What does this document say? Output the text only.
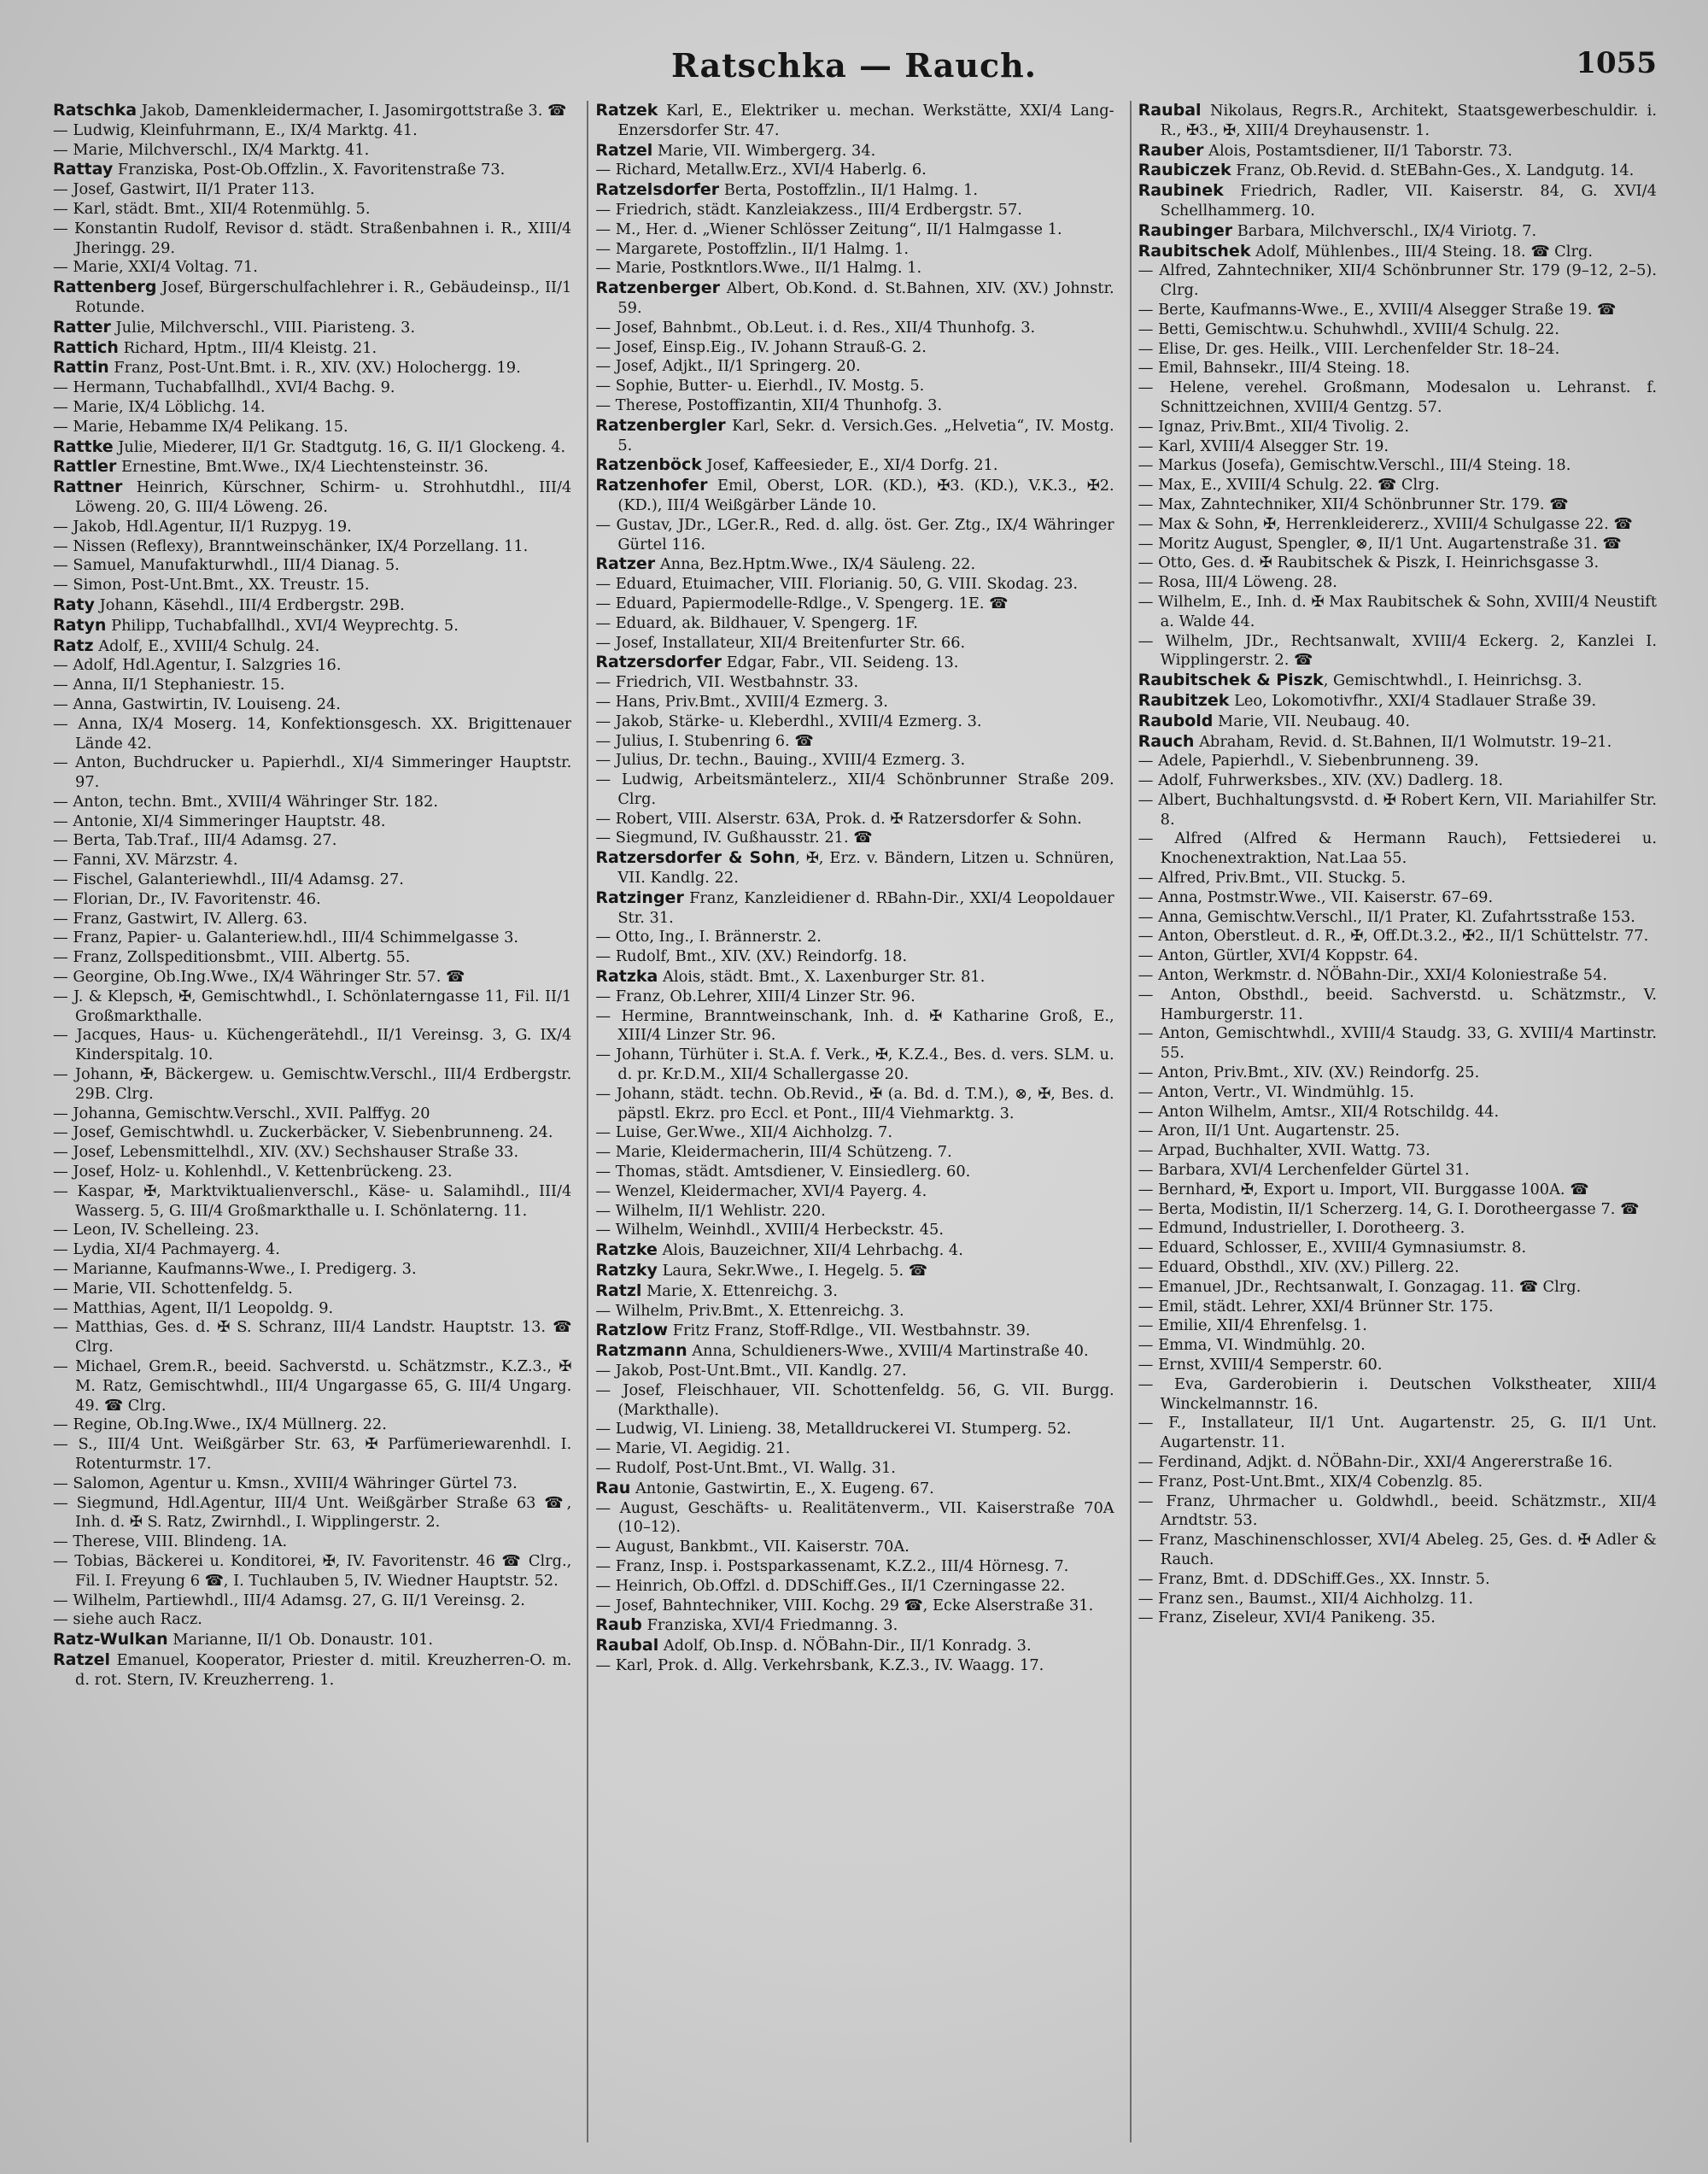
Ratschka — Rauch.	1055
Ratschka Jakob, Damenkleidermacher, I. Jasomirgottstraße 3. ☎
— Ludwig, Kleinfuhrmann, E., IX/4 Marktg. 41.
— Marie, Milchverschl., IX/4 Marktg. 41.
Rattay Franziska, Post-Ob.Offzlin., X. Favoritenstraße 73.
— Josef, Gastwirt, II/1 Prater 113.
— Karl, städt. Bmt., XII/4 Rotenmühlg. 5.
— Konstantin Rudolf, Revisor d. städt. Straßenbahnen i. R., XIII/4 Jheringg. 29.
— Marie, XXI/4 Voltag. 71.
Rattenberg Josef, Bürgerschulfachlehrer i. R., Gebäudeinsp., II/1 Rotunde.
Ratter Julie, Milchverschl., VIII. Piaristeng. 3.
Rattich Richard, Hptm., III/4 Kleistg. 21.
Rattin Franz, Post-Unt.Bmt. i. R., XIV. (XV.) Holochergg. 19.
— Hermann, Tuchabfallhdl., XVI/4 Bachg. 9.
— Marie, IX/4 Löblichg. 14.
— Marie, Hebamme IX/4 Pelikang. 15.
Rattke Julie, Miederer, II/1 Gr. Stadtgutg. 16, G. II/1 Glockeng. 4.
Rattler Ernestine, Bmt.Wwe., IX/4 Liechtensteinstr. 36.
Rattner Heinrich, Kürschner, Schirm- u. Strohhutdhl., III/4 Löweng. 20, G. III/4 Löweng. 26.
— Jakob, Hdl.Agentur, II/1 Ruzpyg. 19.
— Nissen (Reflexy), Branntweinschänker, IX/4 Porzellang. 11.
— Samuel, Manufakturwhdl., III/4 Dianag. 5.
— Simon, Post-Unt.Bmt., XX. Treustr. 15.
Raty Johann, Käsehdl., III/4 Erdbergstr. 29B.
Ratyn Philipp, Tuchabfallhdl., XVI/4 Weyprechtg. 5.
Ratz Adolf, E., XVIII/4 Schulg. 24.
— Adolf, Hdl.Agentur, I. Salzgries 16.
— Anna, II/1 Stephaniestr. 15.
— Anna, Gastwirtin, IV. Louiseng. 24.
— Anna, IX/4 Moserg. 14, Konfektionsgesch. XX. Brigittenauer Lände 42.
— Anton, Buchdrucker u. Papierhdl., XI/4 Simmeringer Hauptstr. 97.
— Anton, techn. Bmt., XVIII/4 Währinger Str. 182.
— Antonie, XI/4 Simmeringer Hauptstr. 48.
— Berta, Tab.Traf., III/4 Adamsg. 27.
— Fanni, XV. Märzstr. 4.
— Fischel, Galanteriewhdl., III/4 Adamsg. 27.
— Florian, Dr., IV. Favoritenstr. 46.
— Franz, Gastwirt, IV. Allerg. 63.
— Franz, Papier- u. Galanteriew.hdl., III/4 Schimmelgasse 3.
— Franz, Zollspeditionsbmt., VIII. Albertg. 55.
— Georgine, Ob.Ing.Wwe., IX/4 Währinger Str. 57. ☎
— J. & Klepsch, ✠, Gemischtwhdl., I. Schönlaterngasse 11, Fil. II/1 Großmarkthalle.
— Jacques, Haus- u. Küchengerätehdl., II/1 Vereinsg. 3, G. IX/4 Kinderspitalg. 10.
— Johann, ✠, Bäckergew. u. Gemischtw.Verschl., III/4 Erdbergstr. 29B. Clrg.
— Johanna, Gemischtw.Verschl., XVII. Palffyg. 20
— Josef, Gemischtwhdl. u. Zuckerbäcker, V. Siebenbrunneng. 24.
— Josef, Lebensmittelhdl., XIV. (XV.) Sechshauser Straße 33.
— Josef, Holz- u. Kohlenhdl., V. Kettenbrückeng. 23.
— Kaspar, ✠, Marktviktualienverschl., Käse- u. Salamihdl., III/4 Wasserg. 5, G. III/4 Großmarkthalle u. I. Schönlaterng. 11.
— Leon, IV. Schelleing. 23.
— Lydia, XI/4 Pachmayerg. 4.
— Marianne, Kaufmanns-Wwe., I. Predigerg. 3.
— Marie, VII. Schottenfeldg. 5.
— Matthias, Agent, II/1 Leopoldg. 9.
— Matthias, Ges. d. ✠ S. Schranz, III/4 Landstr. Hauptstr. 13. ☎ Clrg.
— Michael, Grem.R., beeid. Sachverstd. u. Schätzmstr., K.Z.3., ✠ M. Ratz, Gemischtwhdl., III/4 Ungargasse 65, G. III/4 Ungarg. 49. ☎ Clrg.
— Regine, Ob.Ing.Wwe., IX/4 Müllnerg. 22.
— S., III/4 Unt. Weißgärber Str. 63, ✠ Parfümeriewarenhdl. I. Rotenturmstr. 17.
— Salomon, Agentur u. Kmsn., XVIII/4 Währinger Gürtel 73.
— Siegmund, Hdl.Agentur, III/4 Unt. Weißgärber Straße 63 ☎, Inh. d. ✠ S. Ratz, Zwirnhdl., I. Wipplingerstr. 2.
— Therese, VIII. Blindeng. 1A.
— Tobias, Bäckerei u. Konditorei, ✠, IV. Favoritenstr. 46 ☎ Clrg., Fil. I. Freyung 6 ☎, I. Tuchlauben 5, IV. Wiedner Hauptstr. 52.
— Wilhelm, Partiewhdl., III/4 Adamsg. 27, G. II/1 Vereinsg. 2.
— siehe auch Racz.
Ratz-Wulkan Marianne, II/1 Ob. Donaustr. 101.
Ratzel Emanuel, Kooperator, Priester d. mitil. Kreuzherren-O. m. d. rot. Stern, IV. Kreuzherreng. 1.
Ratzek Karl, E., Elektriker u. mechan. Werkstätte, XXI/4 Lang-Enzersdorfer Str. 47.
Ratzel Marie, VII. Wimbergerg. 34.
— Richard, Metallw.Erz., XVI/4 Haberlg. 6.
Ratzelsdorfer Berta, Postoffzlin., II/1 Halmg. 1.
— Friedrich, städt. Kanzleiakzess., III/4 Erdbergstr. 57.
— M., Her. d. „Wiener Schlösser Zeitung“, II/1 Halmgasse 1.
— Margarete, Postoffzlin., II/1 Halmg. 1.
— Marie, Postkntlors.Wwe., II/1 Halmg. 1.
Ratzenberger Albert, Ob.Kond. d. St.Bahnen, XIV. (XV.) Johnstr. 59.
— Josef, Bahnbmt., Ob.Leut. i. d. Res., XII/4 Thunhofg. 3.
— Josef, Einsp.Eig., IV. Johann Strauß-G. 2.
— Josef, Adjkt., II/1 Springerg. 20.
— Sophie, Butter- u. Eierhdl., IV. Mostg. 5.
— Therese, Postoffizantin, XII/4 Thunhofg. 3.
Ratzenbergler Karl, Sekr. d. Versich.Ges. „Helvetia“, IV. Mostg. 5.
Ratzenböck Josef, Kaffeesieder, E., XI/4 Dorfg. 21.
Ratzenhofer Emil, Oberst, LOR. (KD.), ✠3. (KD.), V.K.3., ✠2. (KD.), III/4 Weißgärber Lände 10.
— Gustav, JDr., LGer.R., Red. d. allg. öst. Ger. Ztg., IX/4 Währinger Gürtel 116.
Ratzer Anna, Bez.Hptm.Wwe., IX/4 Säuleng. 22.
— Eduard, Etuimacher, VIII. Florianig. 50, G. VIII. Skodag. 23.
— Eduard, Papiermodelle-Rdlge., V. Spengerg. 1E. ☎
— Eduard, ak. Bildhauer, V. Spengerg. 1F.
— Josef, Installateur, XII/4 Breitenfurter Str. 66.
Ratzersdorfer Edgar, Fabr., VII. Seideng. 13.
— Friedrich, VII. Westbahnstr. 33.
— Hans, Priv.Bmt., XVIII/4 Ezmerg. 3.
— Jakob, Stärke- u. Kleberdhl., XVIII/4 Ezmerg. 3.
— Julius, I. Stubenring 6. ☎
— Julius, Dr. techn., Bauing., XVIII/4 Ezmerg. 3.
— Ludwig, Arbeitsmäntelerz., XII/4 Schönbrunner Straße 209. Clrg.
— Robert, VIII. Alserstr. 63A, Prok. d. ✠ Ratzersdorfer & Sohn.
— Siegmund, IV. Gußhausstr. 21. ☎
Ratzersdorfer & Sohn, ✠, Erz. v. Bändern, Litzen u. Schnüren, VII. Kandlg. 22.
Ratzinger Franz, Kanzleidiener d. RBahn-Dir., XXI/4 Leopoldauer Str. 31.
— Otto, Ing., I. Brännerstr. 2.
— Rudolf, Bmt., XIV. (XV.) Reindorfg. 18.
Ratzka Alois, städt. Bmt., X. Laxenburger Str. 81.
— Franz, Ob.Lehrer, XIII/4 Linzer Str. 96.
— Hermine, Branntweinschank, Inh. d. ✠ Katharine Groß, E., XIII/4 Linzer Str. 96.
— Johann, Türhüter i. St.A. f. Verk., ✠, K.Z.4., Bes. d. vers. SLM. u. d. pr. Kr.D.M., XII/4 Schallergasse 20.
— Johann, städt. techn. Ob.Revid., ✠ (a. Bd. d. T.M.), ⊗, ✠, Bes. d. päpstl. Ekrz. pro Eccl. et Pont., III/4 Viehmarktg. 3.
— Luise, Ger.Wwe., XII/4 Aichholzg. 7.
— Marie, Kleidermacherin, III/4 Schützeng. 7.
— Thomas, städt. Amtsdiener, V. Einsiedlerg. 60.
— Wenzel, Kleidermacher, XVI/4 Payerg. 4.
— Wilhelm, II/1 Wehlistr. 220.
— Wilhelm, Weinhdl., XVIII/4 Herbeckstr. 45.
Ratzke Alois, Bauzeichner, XII/4 Lehrbachg. 4.
Ratzky Laura, Sekr.Wwe., I. Hegelg. 5. ☎
Ratzl Marie, X. Ettenreichg. 3.
— Wilhelm, Priv.Bmt., X. Ettenreichg. 3.
Ratzlow Fritz Franz, Stoff-Rdlge., VII. Westbahnstr. 39.
Ratzmann Anna, Schuldieners-Wwe., XVIII/4 Martinstraße 40.
— Jakob, Post-Unt.Bmt., VII. Kandlg. 27.
— Josef, Fleischhauer, VII. Schottenfeldg. 56, G. VII. Burgg. (Markthalle).
— Ludwig, VI. Linieng. 38, Metalldruckerei VI. Stumperg. 52.
— Marie, VI. Aegidig. 21.
— Rudolf, Post-Unt.Bmt., VI. Wallg. 31.
Rau Antonie, Gastwirtin, E., X. Eugeng. 67.
— August, Geschäfts- u. Realitätenverm., VII. Kaiserstraße 70A (10–12).
— August, Bankbmt., VII. Kaiserstr. 70A.
— Franz, Insp. i. Postsparkassenamt, K.Z.2., III/4 Hörnesg. 7.
— Heinrich, Ob.Offzl. d. DDSchiff.Ges., II/1 Czerningasse 22.
— Josef, Bahntechniker, VIII. Kochg. 29 ☎, Ecke Alserstraße 31.
Raub Franziska, XVI/4 Friedmanng. 3.
Raubal Adolf, Ob.Insp. d. NÖBahn-Dir., II/1 Konradg. 3.
— Karl, Prok. d. Allg. Verkehrsbank, K.Z.3., IV. Waagg. 17.
Raubal Nikolaus, Regrs.R., Architekt, Staatsgewerbeschuldir. i. R., ✠3., ✠, XIII/4 Dreyhausenstr. 1.
Rauber Alois, Postamtsdiener, II/1 Taborstr. 73.
Raubiczek Franz, Ob.Revid. d. StEBahn-Ges., X. Landgutg. 14.
Raubinek Friedrich, Radler, VII. Kaiserstr. 84, G. XVI/4 Schellhammerg. 10.
Raubinger Barbara, Milchverschl., IX/4 Viriotg. 7.
Raubitschek Adolf, Mühlenbes., III/4 Steing. 18. ☎ Clrg.
— Alfred, Zahntechniker, XII/4 Schönbrunner Str. 179 (9–12, 2–5). Clrg.
— Berte, Kaufmanns-Wwe., E., XVIII/4 Alsegger Straße 19. ☎
— Betti, Gemischtw.u. Schuhwhdl., XVIII/4 Schulg. 22.
— Elise, Dr. ges. Heilk., VIII. Lerchenfelder Str. 18–24.
— Emil, Bahnsekr., III/4 Steing. 18.
— Helene, verehel. Großmann, Modesalon u. Lehranst. f. Schnittzeichnen, XVIII/4 Gentzg. 57.
— Ignaz, Priv.Bmt., XII/4 Tivolig. 2.
— Karl, XVIII/4 Alsegger Str. 19.
— Markus (Josefa), Gemischtw.Verschl., III/4 Steing. 18.
— Max, E., XVIII/4 Schulg. 22. ☎ Clrg.
— Max, Zahntechniker, XII/4 Schönbrunner Str. 179. ☎
— Max & Sohn, ✠, Herrenkleidererz., XVIII/4 Schulgasse 22. ☎
— Moritz August, Spengler, ⊗, II/1 Unt. Augartenstraße 31. ☎
— Otto, Ges. d. ✠ Raubitschek & Piszk, I. Heinrichsgasse 3.
— Rosa, III/4 Löweng. 28.
— Wilhelm, E., Inh. d. ✠ Max Raubitschek & Sohn, XVIII/4 Neustift a. Walde 44.
— Wilhelm, JDr., Rechtsanwalt, XVIII/4 Eckerg. 2, Kanzlei I. Wipplingerstr. 2. ☎
Raubitschek & Piszk, Gemischtwhdl., I. Heinrichsg. 3.
Raubitzek Leo, Lokomotivfhr., XXI/4 Stadlauer Straße 39.
Raubold Marie, VII. Neubaug. 40.
Rauch Abraham, Revid. d. St.Bahnen, II/1 Wolmutstr. 19–21.
— Adele, Papierhdl., V. Siebenbrunneng. 39.
— Adolf, Fuhrwerksbes., XIV. (XV.) Dadlerg. 18.
— Albert, Buchhaltungsvstd. d. ✠ Robert Kern, VII. Mariahilfer Str. 8.
— Alfred (Alfred & Hermann Rauch), Fettsiederei u. Knochenextraktion, Nat.Laa 55.
— Alfred, Priv.Bmt., VII. Stuckg. 5.
— Anna, Postmstr.Wwe., VII. Kaiserstr. 67–69.
— Anna, Gemischtw.Verschl., II/1 Prater, Kl. Zufahrtsstraße 153.
— Anton, Oberstleut. d. R., ✠, Off.Dt.3.2., ✠2., II/1 Schüttelstr. 77.
— Anton, Gürtler, XVI/4 Koppstr. 64.
— Anton, Werkmstr. d. NÖBahn-Dir., XXI/4 Koloniestraße 54.
— Anton, Obsthdl., beeid. Sachverstd. u. Schätzmstr., V. Hamburgerstr. 11.
— Anton, Gemischtwhdl., XVIII/4 Staudg. 33, G. XVIII/4 Martinstr. 55.
— Anton, Priv.Bmt., XIV. (XV.) Reindorfg. 25.
— Anton, Vertr., VI. Windmühlg. 15.
— Anton Wilhelm, Amtsr., XII/4 Rotschildg. 44.
— Aron, II/1 Unt. Augartenstr. 25.
— Arpad, Buchhalter, XVII. Wattg. 73.
— Barbara, XVI/4 Lerchenfelder Gürtel 31.
— Bernhard, ✠, Export u. Import, VII. Burggasse 100A. ☎
— Berta, Modistin, II/1 Scherzerg. 14, G. I. Dorotheergasse 7. ☎
— Edmund, Industrieller, I. Dorotheerg. 3.
— Eduard, Schlosser, E., XVIII/4 Gymnasiumstr. 8.
— Eduard, Obsthdl., XIV. (XV.) Pillerg. 22.
— Emanuel, JDr., Rechtsanwalt, I. Gonzagag. 11. ☎ Clrg.
— Emil, städt. Lehrer, XXI/4 Brünner Str. 175.
— Emilie, XII/4 Ehrenfelsg. 1.
— Emma, VI. Windmühlg. 20.
— Ernst, XVIII/4 Semperstr. 60.
— Eva, Garderobierin i. Deutschen Volkstheater, XIII/4 Winckelmannstr. 16.
— F., Installateur, II/1 Unt. Augartenstr. 25, G. II/1 Unt. Augartenstr. 11.
— Ferdinand, Adjkt. d. NÖBahn-Dir., XXI/4 Angererstraße 16.
— Franz, Post-Unt.Bmt., XIX/4 Cobenzlg. 85.
— Franz, Uhrmacher u. Goldwhdl., beeid. Schätzmstr., XII/4 Arndtstr. 53.
— Franz, Maschinenschlosser, XVI/4 Abeleg. 25, Ges. d. ✠ Adler & Rauch.
— Franz, Bmt. d. DDSchiff.Ges., XX. Innstr. 5.
— Franz sen., Baumst., XII/4 Aichholzg. 11.
— Franz, Ziseleur, XVI/4 Panikeng. 35.
